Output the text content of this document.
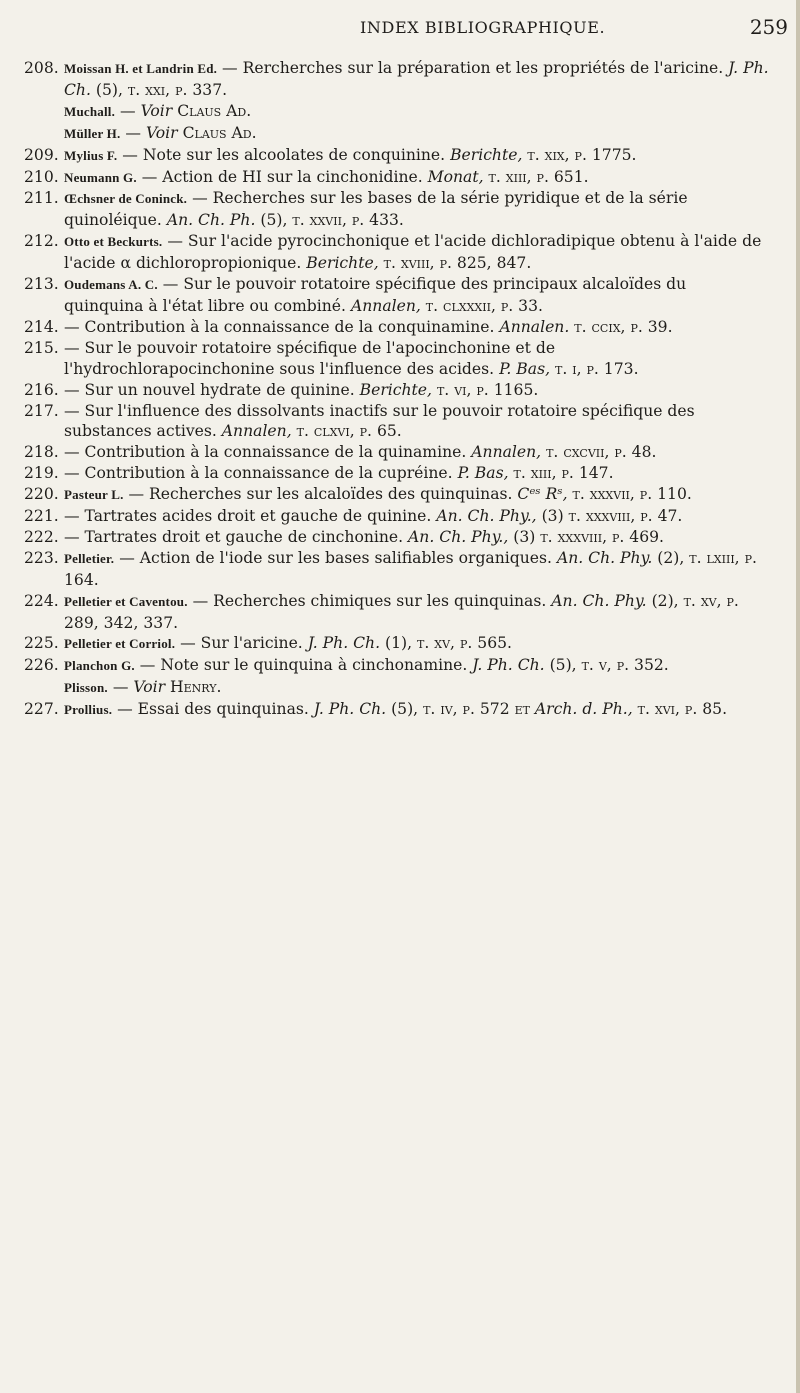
INDEX BIBLIOGRAPHIQUE.	259

208. Moissan H. et Landrin Ed. — Rercherches sur la préparation et les propriétés de l'aricine. J. Ph. Ch. (5), t. xxi, p. 337.

Muchall. — Voir Claus Ad.

Müller H. — Voir Claus Ad.

209. Mylius F. — Note sur les alcoolates de conquinine. Berichte, t. xix, p. 1775.

210. Neumann G. — Action de HI sur la cinchonidine. Monat, t. xiii, p. 651.

211. Œchsner de Coninck. — Recherches sur les bases de la série pyridique et de la série quinoléique. An. Ch. Ph. (5), t. xxvii, p. 433.

212. Otto et Beckurts. — Sur l'acide pyrocinchonique et l'acide dichloradipique obtenu à l'aide de l'acide α dichloropropionique. Berichte, t. xviii, p. 825, 847.

213. Oudemans A. C. — Sur le pouvoir rotatoire spécifique des principaux alcaloïdes du quinquina à l'état libre ou combiné. Annalen, t. clxxxii, p. 33.

214. — Contribution à la connaissance de la conquinamine. Annalen. t. ccix, p. 39.

215. — Sur le pouvoir rotatoire spécifique de l'apocinchonine et de l'hydrochlorapocinchonine sous l'influence des acides. P. Bas, t. i, p. 173.

216. — Sur un nouvel hydrate de quinine. Berichte, t. vi, p. 1165.

217. — Sur l'influence des dissolvants inactifs sur le pouvoir rotatoire spécifique des substances actives. Annalen, t. clxvi, p. 65.

218. — Contribution à la connaissance de la quinamine. Annalen, t. cxcvii, p. 48.

219. — Contribution à la connaissance de la cupréine. P. Bas, t. xiii, p. 147.

220. Pasteur L. — Recherches sur les alcaloïdes des quinquinas. Cᵉˢ Rˢ, t. xxxvii, p. 110.

221. — Tartrates acides droit et gauche de quinine. An. Ch. Phy., (3) t. xxxviii, p. 47.

222. — Tartrates droit et gauche de cinchonine. An. Ch. Phy., (3) t. xxxviii, p. 469.

223. Pelletier. — Action de l'iode sur les bases salifiables organiques. An. Ch. Phy. (2), t. lxiii, p. 164.

224. Pelletier et Caventou. — Recherches chimiques sur les quinquinas. An. Ch. Phy. (2), t. xv, p. 289, 342, 337.

225. Pelletier et Corriol. — Sur l'aricine. J. Ph. Ch. (1), t. xv, p. 565.

226. Planchon G. — Note sur le quinquina à cinchonamine. J. Ph. Ch. (5), t. v, p. 352.

Plisson. — Voir Henry.

227. Prollius. — Essai des quinquinas. J. Ph. Ch. (5), t. iv, p. 572 et Arch. d. Ph., t. xvi, p. 85.
